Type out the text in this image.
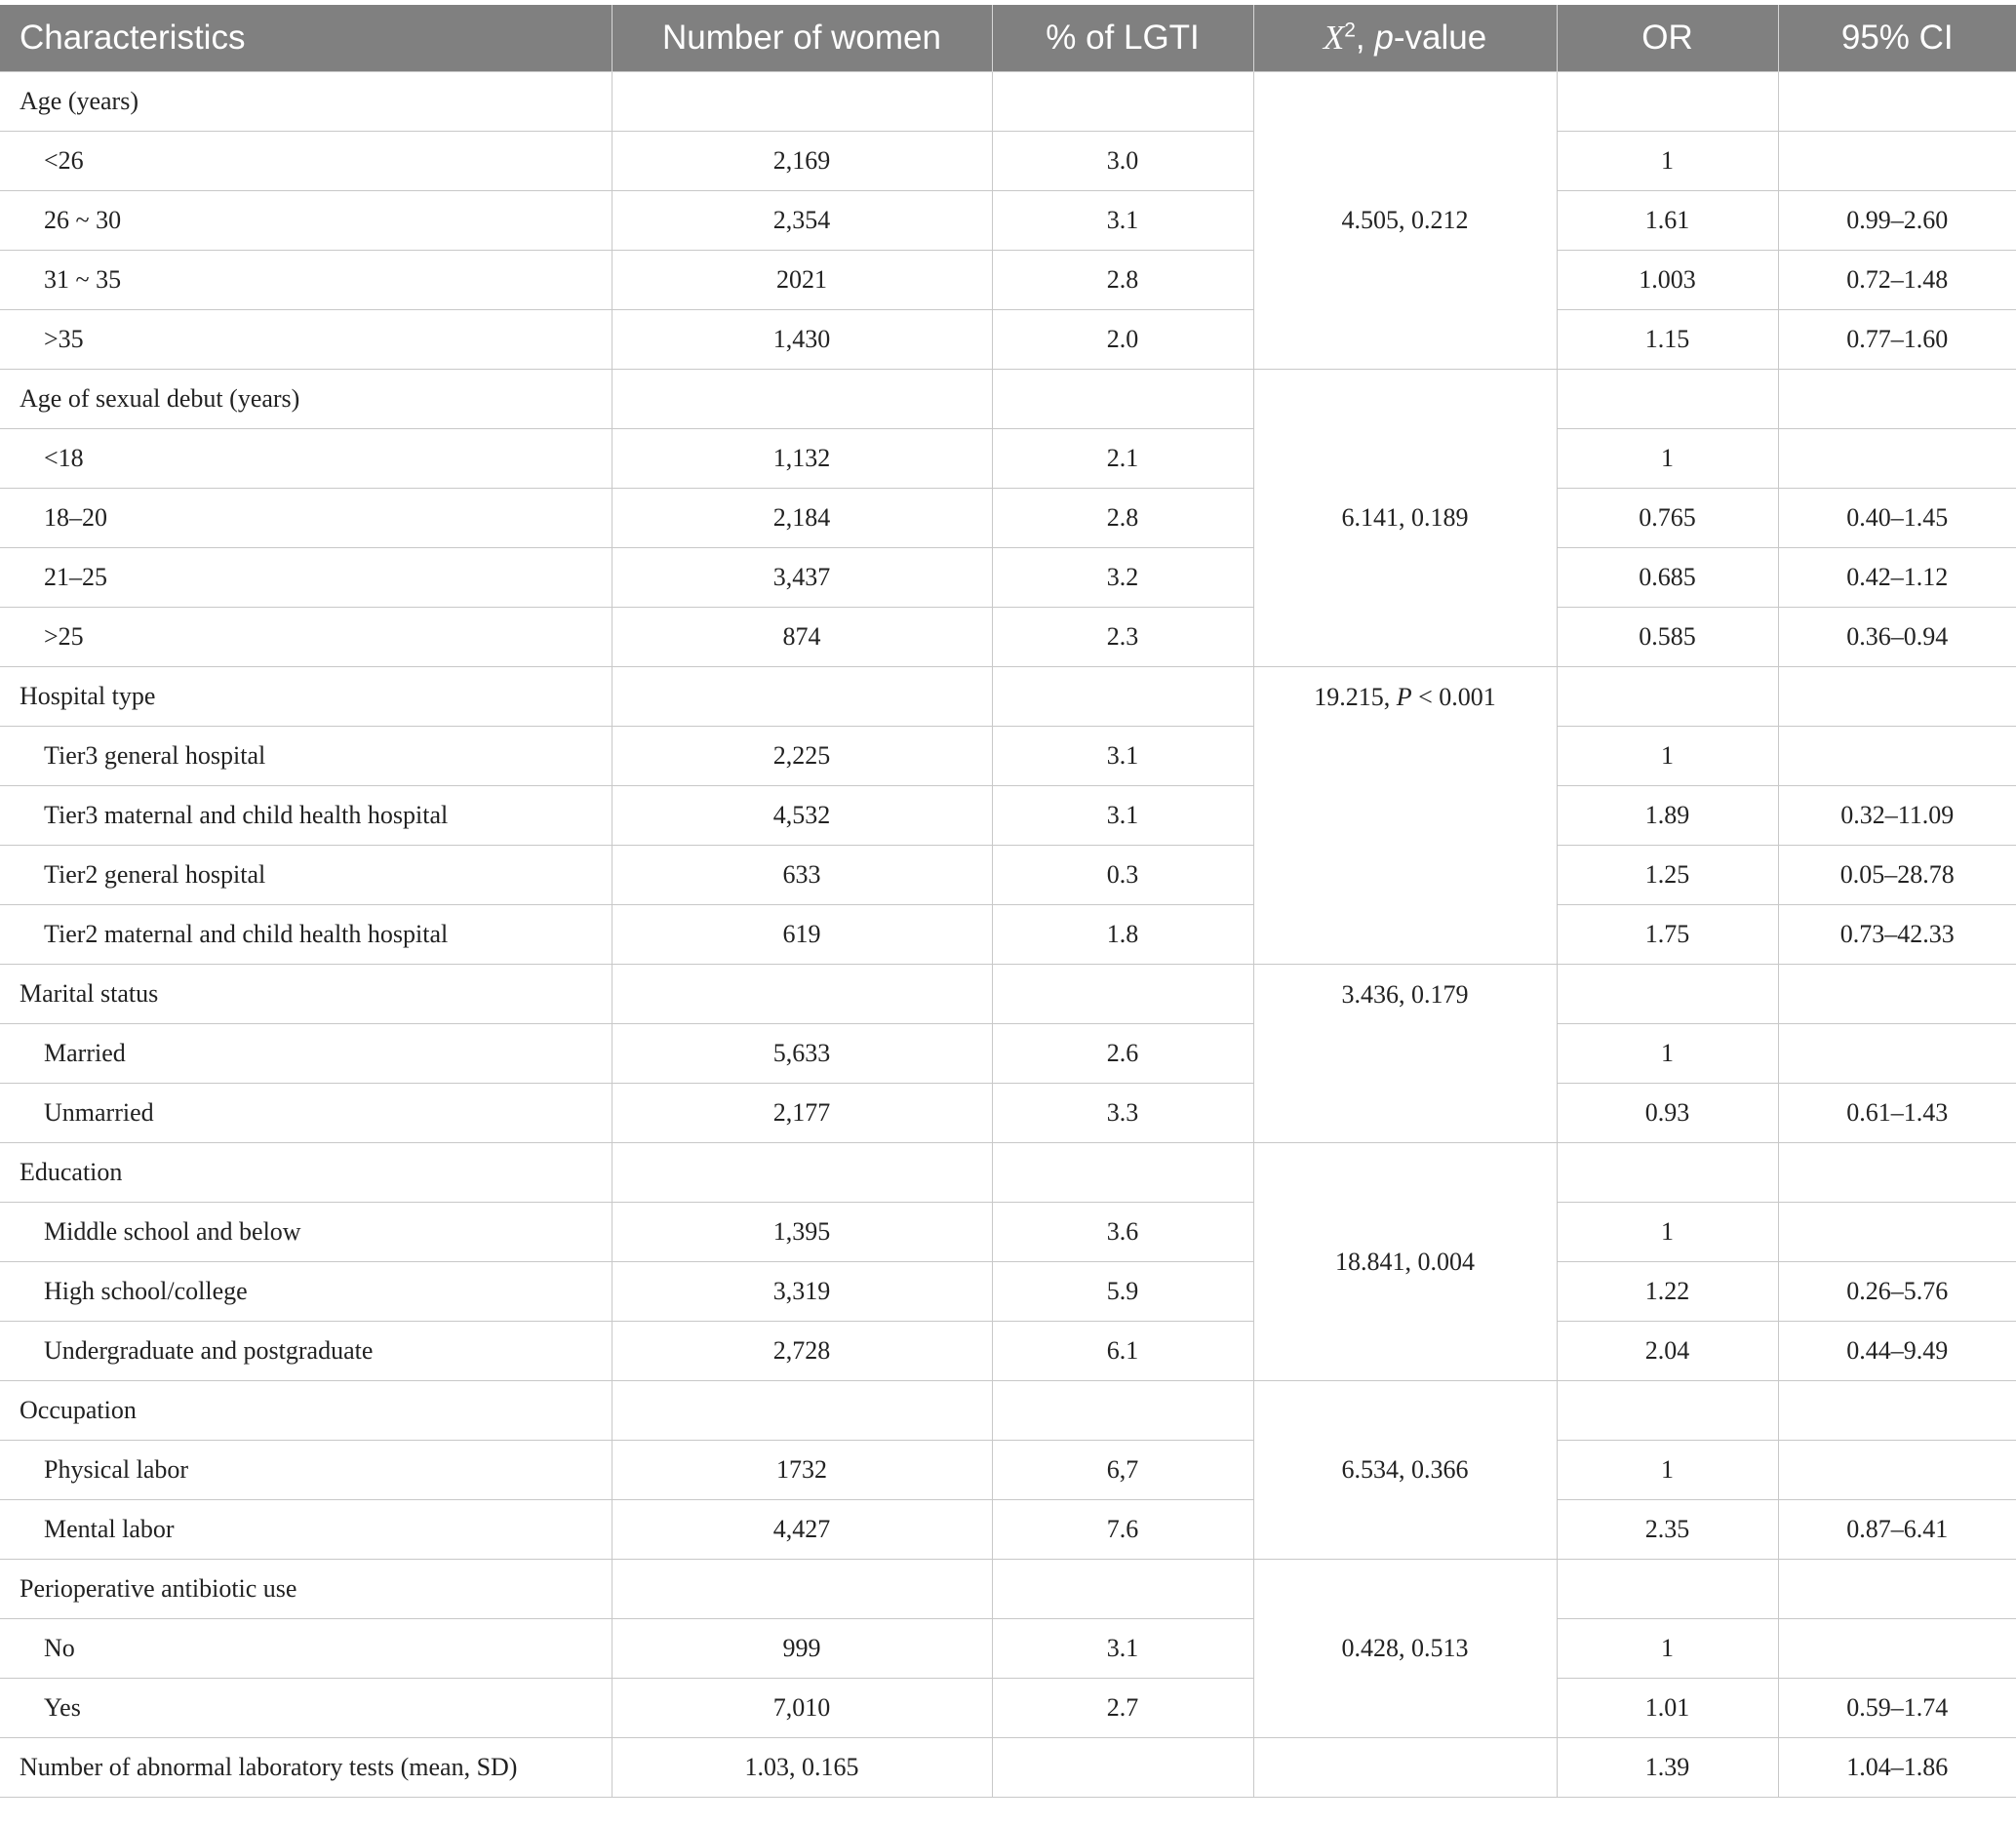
Characteristics	Number of women	% of LGTI	$X^2$, p-value	OR	95% CI
Age (years)			4.505, 0.212		
<26	2,169	3.0		1	
26 ~ 30	2,354	3.1		1.61	0.99–2.60
31 ~ 35	2021	2.8		1.003	0.72–1.48
>35	1,430	2.0		1.15	0.77–1.60
Age of sexual debut (years)			6.141, 0.189		
<18	1,132	2.1		1	
18–20	2,184	2.8		0.765	0.40–1.45
21–25	3,437	3.2		0.685	0.42–1.12
>25	874	2.3		0.585	0.36–0.94
Hospital type			19.215, P < 0.001		
Tier3 general hospital	2,225	3.1		1	
Tier3 maternal and child health hospital	4,532	3.1		1.89	0.32–11.09
Tier2 general hospital	633	0.3		1.25	0.05–28.78
Tier2 maternal and child health hospital	619	1.8		1.75	0.73–42.33
Marital status			3.436, 0.179		
Married	5,633	2.6		1	
Unmarried	2,177	3.3		0.93	0.61–1.43
Education			18.841, 0.004		
Middle school and below	1,395	3.6		1	
High school/college	3,319	5.9		1.22	0.26–5.76
Undergraduate and postgraduate	2,728	6.1		2.04	0.44–9.49
Occupation			6.534, 0.366		
Physical labor	1732	6,7		1	
Mental labor	4,427	7.6		2.35	0.87–6.41
Perioperative antibiotic use			0.428, 0.513		
No	999	3.1		1	
Yes	7,010	2.7		1.01	0.59–1.74
Number of abnormal laboratory tests (mean, SD)	1.03, 0.165			1.39	1.04–1.86
